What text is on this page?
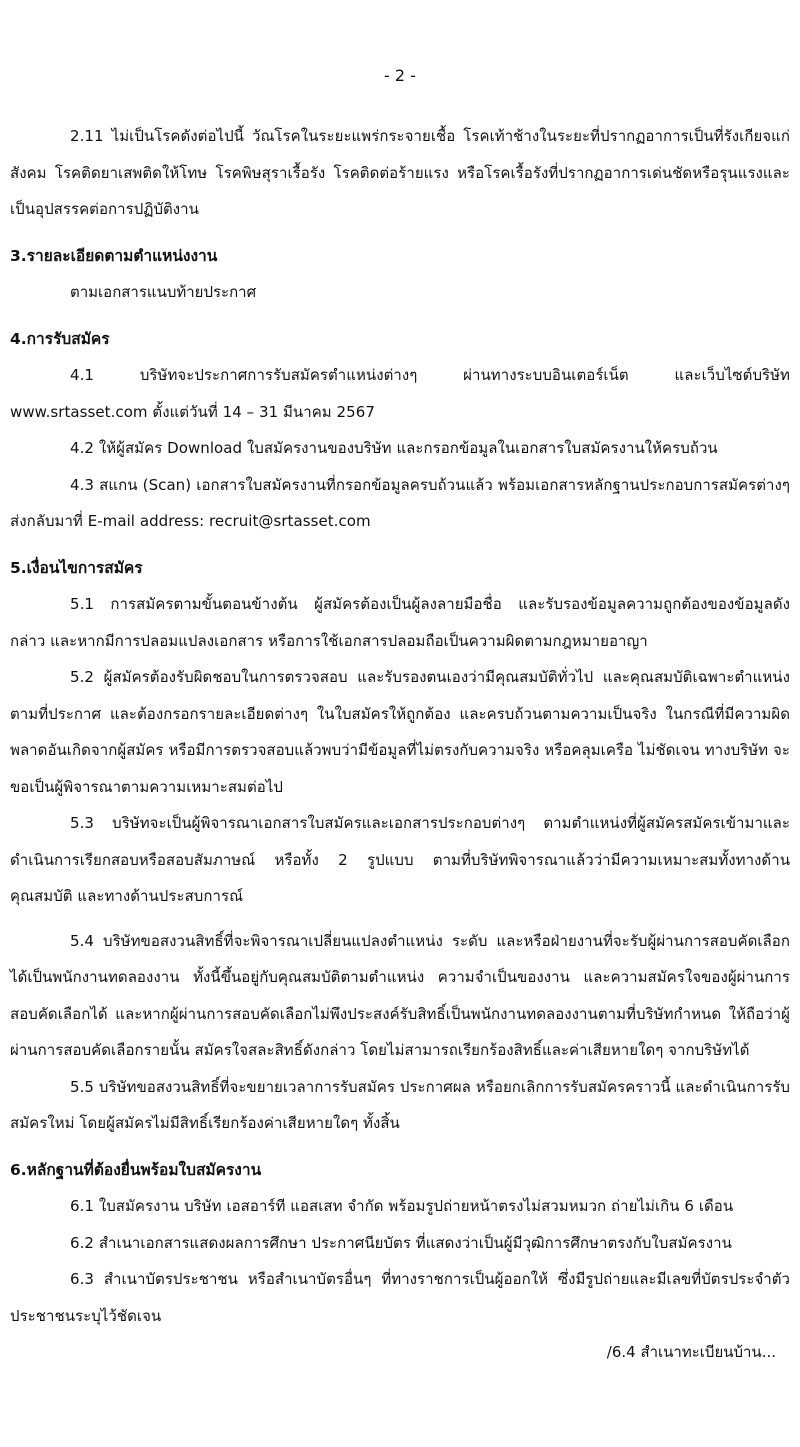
- 2 -

2.11 ไม่เป็นโรคดังต่อไปนี้ วัณโรคในระยะแพร่กระจายเชื้อ โรคเท้าช้างในระยะที่ปรากฏอาการเป็นที่รังเกียจแก่สังคม โรคติดยาเสพติดให้โทษ โรคพิษสุราเรื้อรัง โรคติดต่อร้ายแรง หรือโรคเรื้อรังที่ปรากฏอาการเด่นชัดหรือรุนแรงและเป็นอุปสรรคต่อการปฏิบัติงาน

3.รายละเอียดตามตำแหน่งงาน

ตามเอกสารแนบท้ายประกาศ

4.การรับสมัคร

4.1 บริษัทจะประกาศการรับสมัครตำแหน่งต่างๆ ผ่านทางระบบอินเตอร์เน็ต และเว็บไซต์บริษัท www.srtasset.com ตั้งแต่วันที่ 14 – 31 มีนาคม 2567

4.2 ให้ผู้สมัคร Download ใบสมัครงานของบริษัท และกรอกข้อมูลในเอกสารใบสมัครงานให้ครบถ้วน

4.3 สแกน (Scan) เอกสารใบสมัครงานที่กรอกข้อมูลครบถ้วนแล้ว พร้อมเอกสารหลักฐานประกอบการสมัครต่างๆ ส่งกลับมาที่ E-mail address: recruit@srtasset.com

5.เงื่อนไขการสมัคร

5.1 การสมัครตามขั้นตอนข้างต้น ผู้สมัครต้องเป็นผู้ลงลายมือชื่อ และรับรองข้อมูลความถูกต้องของข้อมูลดังกล่าว และหากมีการปลอมแปลงเอกสาร หรือการใช้เอกสารปลอมถือเป็นความผิดตามกฎหมายอาญา

5.2 ผู้สมัครต้องรับผิดชอบในการตรวจสอบ และรับรองตนเองว่ามีคุณสมบัติทั่วไป และคุณสมบัติเฉพาะตำแหน่งตามที่ประกาศ และต้องกรอกรายละเอียดต่างๆ ในใบสมัครให้ถูกต้อง และครบถ้วนตามความเป็นจริง ในกรณีที่มีความผิดพลาดอันเกิดจากผู้สมัคร หรือมีการตรวจสอบแล้วพบว่ามีข้อมูลที่ไม่ตรงกับความจริง หรือคลุมเครือ ไม่ชัดเจน ทางบริษัท จะขอเป็นผู้พิจารณาตามความเหมาะสมต่อไป

5.3 บริษัทจะเป็นผู้พิจารณาเอกสารใบสมัครและเอกสารประกอบต่างๆ ตามตำแหน่งที่ผู้สมัครสมัครเข้ามาและดำเนินการเรียกสอบหรือสอบสัมภาษณ์ หรือทั้ง 2 รูปแบบ ตามที่บริษัทพิจารณาแล้วว่ามีความเหมาะสมทั้งทางด้านคุณสมบัติ และทางด้านประสบการณ์

5.4 บริษัทขอสงวนสิทธิ์ที่จะพิจารณาเปลี่ยนแปลงตำแหน่ง ระดับ และหรือฝ่ายงานที่จะรับผู้ผ่านการสอบคัดเลือกได้เป็นพนักงานทดลองงาน ทั้งนี้ขึ้นอยู่กับคุณสมบัติตามตำแหน่ง ความจำเป็นของงาน และความสมัครใจของผู้ผ่านการสอบคัดเลือกได้ และหากผู้ผ่านการสอบคัดเลือกไม่พึงประสงค์รับสิทธิ์เป็นพนักงานทดลองงานตามที่บริษัทกำหนด ให้ถือว่าผู้ผ่านการสอบคัดเลือกรายนั้น สมัครใจสละสิทธิ์ดังกล่าว โดยไม่สามารถเรียกร้องสิทธิ์และค่าเสียหายใดๆ จากบริษัทได้

5.5 บริษัทขอสงวนสิทธิ์ที่จะขยายเวลาการรับสมัคร ประกาศผล หรือยกเลิกการรับสมัครคราวนี้ และดำเนินการรับสมัครใหม่ โดยผู้สมัครไม่มีสิทธิ์เรียกร้องค่าเสียหายใดๆ ทั้งสิ้น

6.หลักฐานที่ต้องยื่นพร้อมใบสมัครงาน

6.1 ใบสมัครงาน บริษัท เอสอาร์ที แอสเสท จำกัด พร้อมรูปถ่ายหน้าตรงไม่สวมหมวก ถ่ายไม่เกิน 6 เดือน

6.2 สำเนาเอกสารแสดงผลการศึกษา ประกาศนียบัตร ที่แสดงว่าเป็นผู้มีวุฒิการศึกษาตรงกับใบสมัครงาน

6.3 สำเนาบัตรประชาชน หรือสำเนาบัตรอื่นๆ ที่ทางราชการเป็นผู้ออกให้ ซึ่งมีรูปถ่ายและมีเลขที่บัตรประจำตัวประชาชนระบุไว้ชัดเจน

/6.4 สำเนาทะเบียนบ้าน...
